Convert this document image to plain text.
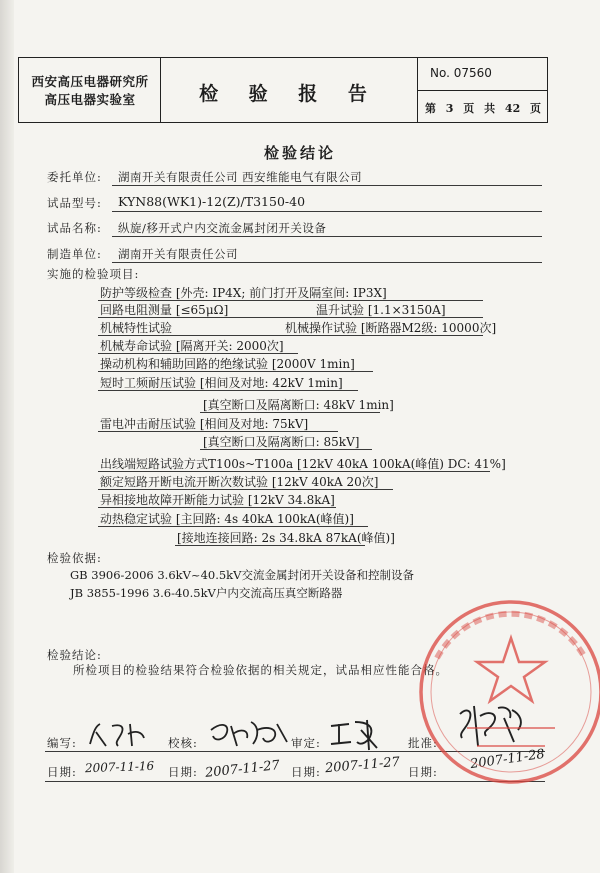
西安高压电器研究所
高压电器实验室	检 验 报 告
No. 07560
第 3 页 共 42 页
检验结论
委托单位: 湖南开关有限责任公司 西安维能电气有限公司
试品型号: KYN88(WK1)-12(Z)/T3150-40
试品名称: 纵旋/移开式户内交流金属封闭开关设备
制造单位: 湖南开关有限责任公司
实施的检验项目:
防护等级检查 [外壳: IP4X; 前门打开及隔室间: IP3X]
回路电阻测量 [≤65μΩ]	温升试验 [1.1×3150A]
机械特性试验	机械操作试验 [断路器M2级: 10000次]
机械寿命试验 [隔离开关: 2000次]
操动机构和辅助回路的绝缘试验 [2000V 1min]
短时工频耐压试验 [相间及对地: 42kV 1min]
[真空断口及隔离断口: 48kV 1min]
雷电冲击耐压试验 [相间及对地: 75kV]
[真空断口及隔离断口: 85kV]
出线端短路试验方式T100s~T100a [12kV 40kA 100kA(峰值) DC: 41%]
额定短路开断电流开断次数试验 [12kV 40kA 20次]
异相接地故障开断能力试验 [12kV 34.8kA]
动热稳定试验 [主回路: 4s 40kA 100kA(峰值)]
[接地连接回路: 2s 34.8kA 87kA(峰值)]
检验依据:
GB 3906-2006 3.6kV~40.5kV交流金属封闭开关设备和控制设备
JB 3855-1996 3.6-40.5kV户内交流高压真空断路器
检验结论:
所检项目的检验结果符合检验依据的相关规定，试品相应性能合格。
编写:	校核:	审定:	批准:
日期:	日期:	日期:	日期:
2007-11-16	2007-11-27	2007-11-27	2007-11-28
